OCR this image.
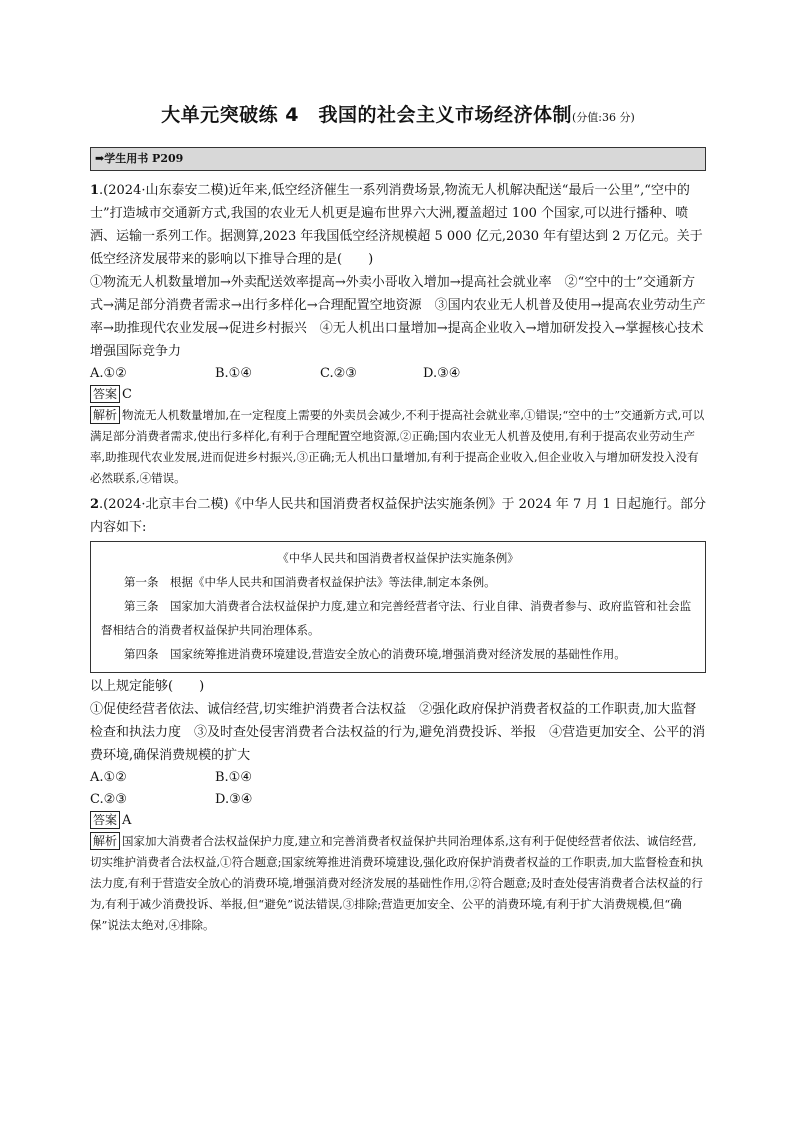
大单元突破练 4　我国的社会主义市场经济体制(分值:36 分)
➡学生用书 P209

1.(2024·山东泰安二模)近年来,低空经济催生一系列消费场景,物流无人机解决配送“最后一公里”,“空中的士”打造城市交通新方式,我国的农业无人机更是遍布世界六大洲,覆盖超过 100 个国家,可以进行播种、喷洒、运输一系列工作。据测算,2023 年我国低空经济规模超 5 000 亿元,2030 年有望达到 2 万亿元。关于低空经济发展带来的影响以下推导合理的是(　　)

①物流无人机数量增加→外卖配送效率提高→外卖小哥收入增加→提高社会就业率　②“空中的士”交通新方式→满足部分消费者需求→出行多样化→合理配置空地资源　③国内农业无人机普及使用→提高农业劳动生产率→助推现代农业发展→促进乡村振兴　④无人机出口量增加→提高企业收入→增加研发投入→掌握核心技术增强国际竞争力

A.①②	B.①④	C.②③	D.③④
答案 C
解析 物流无人机数量增加,在一定程度上需要的外卖员会减少,不利于提高社会就业率,①错误;“空中的士”交通新方式,可以满足部分消费者需求,使出行多样化,有利于合理配置空地资源,②正确;国内农业无人机普及使用,有利于提高农业劳动生产率,助推现代农业发展,进而促进乡村振兴,③正确;无人机出口量增加,有利于提高企业收入,但企业收入与增加研发投入没有必然联系,④错误。

2.(2024·北京丰台二模)《中华人民共和国消费者权益保护法实施条例》于 2024 年 7 月 1 日起施行。部分内容如下:

《中华人民共和国消费者权益保护法实施条例》
第一条　根据《中华人民共和国消费者权益保护法》等法律,制定本条例。
第三条　国家加大消费者合法权益保护力度,建立和完善经营者守法、行业自律、消费者参与、政府监管和社会监督相结合的消费者权益保护共同治理体系。
第四条　国家统筹推进消费环境建设,营造安全放心的消费环境,增强消费对经济发展的基础性作用。

以上规定能够(　　)

①促使经营者依法、诚信经营,切实维护消费者合法权益　②强化政府保护消费者权益的工作职责,加大监督检查和执法力度　③及时查处侵害消费者合法权益的行为,避免消费投诉、举报　④营造更加安全、公平的消费环境,确保消费规模的扩大

A.①②	B.①④
C.②③	D.③④
答案 A
解析 国家加大消费者合法权益保护力度,建立和完善消费者权益保护共同治理体系,这有利于促使经营者依法、诚信经营,切实维护消费者合法权益,①符合题意;国家统筹推进消费环境建设,强化政府保护消费者权益的工作职责,加大监督检查和执法力度,有利于营造安全放心的消费环境,增强消费对经济发展的基础性作用,②符合题意;及时查处侵害消费者合法权益的行为,有利于减少消费投诉、举报,但“避免”说法错误,③排除;营造更加安全、公平的消费环境,有利于扩大消费规模,但“确保”说法太绝对,④排除。
